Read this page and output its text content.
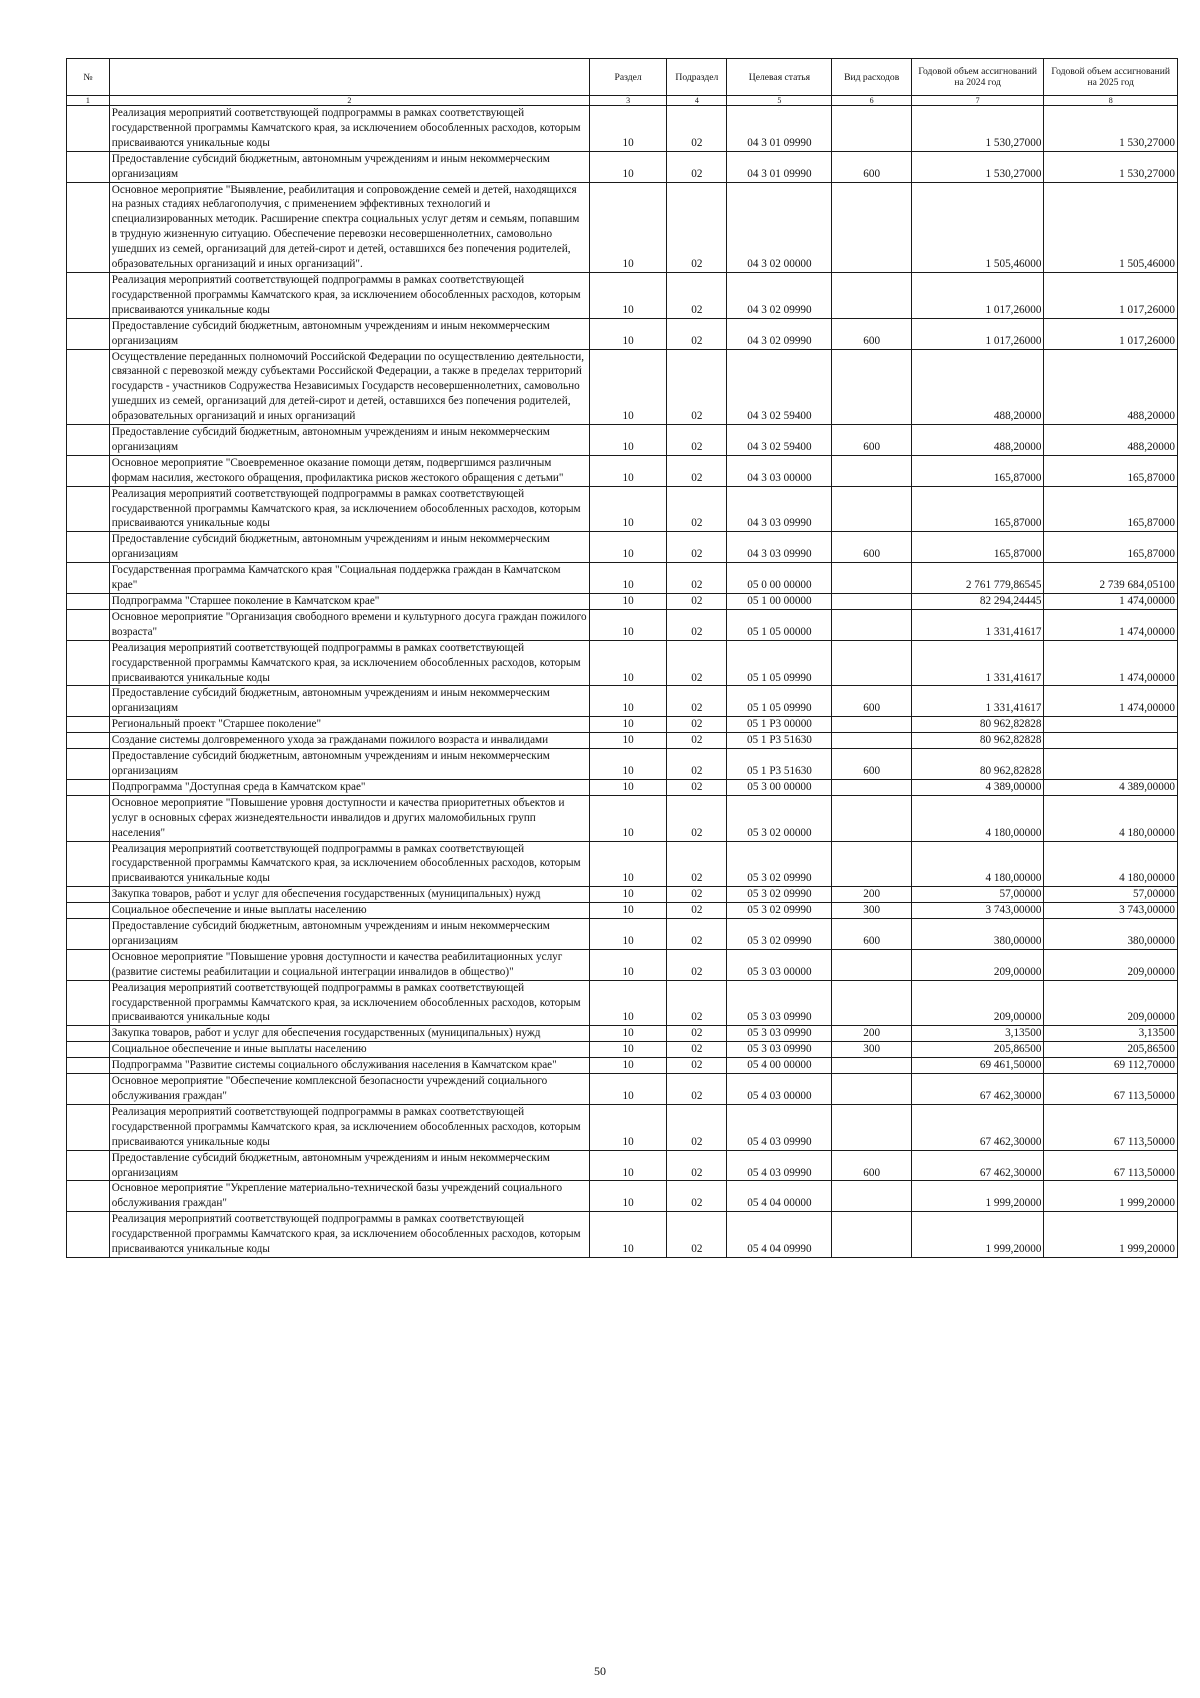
№		Раздел	Подраздел	Целевая статья	Вид расходов	Годовой объем ассигнований на 2024 год	Годовой объем ассигнований на 2025 год
1	2	3	4	5	6	7	8
	Реализация мероприятий соответствующей подпрограммы в рамках соответствующей государственной программы Камчатского края, за исключением обособленных расходов, которым присваиваются уникальные коды	10	02	04 3 01 09990		1 530,27000	1 530,27000
	Предоставление субсидий бюджетным, автономным учреждениям и иным некоммерческим организациям	10	02	04 3 01 09990	600	1 530,27000	1 530,27000
	Основное мероприятие "Выявление, реабилитация и сопровождение семей и детей, находящихся на разных стадиях неблагополучия, с применением эффективных технологий и специализированных методик. Расширение спектра социальных услуг детям и семьям, попавшим в трудную жизненную ситуацию. Обеспечение перевозки несовершеннолетних, самовольно ушедших из семей, организаций для детей-сирот и детей, оставшихся без попечения родителей, образовательных организаций и иных организаций".	10	02	04 3 02 00000		1 505,46000	1 505,46000
	Реализация мероприятий соответствующей подпрограммы в рамках соответствующей государственной программы Камчатского края, за исключением обособленных расходов, которым присваиваются уникальные коды	10	02	04 3 02 09990		1 017,26000	1 017,26000
	Предоставление субсидий бюджетным, автономным учреждениям и иным некоммерческим организациям	10	02	04 3 02 09990	600	1 017,26000	1 017,26000
	Осуществление переданных полномочий Российской Федерации по осуществлению деятельности, связанной с перевозкой между субъектами Российской Федерации, а также в пределах территорий государств - участников Содружества Независимых Государств несовершеннолетних, самовольно ушедших из семей, организаций для детей-сирот и детей, оставшихся без попечения родителей, образовательных организаций и иных организаций	10	02	04 3 02 59400		488,20000	488,20000
	Предоставление субсидий бюджетным, автономным учреждениям и иным некоммерческим организациям	10	02	04 3 02 59400	600	488,20000	488,20000
	Основное мероприятие "Своевременное оказание помощи детям, подвергшимся различным формам насилия, жестокого обращения, профилактика рисков жестокого обращения с детьми"	10	02	04 3 03 00000		165,87000	165,87000
	Реализация мероприятий соответствующей подпрограммы в рамках соответствующей государственной программы Камчатского края, за исключением обособленных расходов, которым присваиваются уникальные коды	10	02	04 3 03 09990		165,87000	165,87000
	Предоставление субсидий бюджетным, автономным учреждениям и иным некоммерческим организациям	10	02	04 3 03 09990	600	165,87000	165,87000
	Государственная программа Камчатского края "Социальная поддержка граждан в Камчатском крае"	10	02	05 0 00 00000		2 761 779,86545	2 739 684,05100
	Подпрограмма "Старшее поколение в Камчатском крае"	10	02	05 1 00 00000		82 294,24445	1 474,00000
	Основное мероприятие "Организация свободного времени и культурного досуга граждан пожилого возраста"	10	02	05 1 05 00000		1 331,41617	1 474,00000
	Реализация мероприятий соответствующей подпрограммы в рамках соответствующей государственной программы Камчатского края, за исключением обособленных расходов, которым присваиваются уникальные коды	10	02	05 1 05 09990		1 331,41617	1 474,00000
	Предоставление субсидий бюджетным, автономным учреждениям и иным некоммерческим организациям	10	02	05 1 05 09990	600	1 331,41617	1 474,00000
	Региональный проект "Старшее поколение"	10	02	05 1 P3 00000		80 962,82828	
	Создание системы долговременного ухода за гражданами пожилого возраста и инвалидами	10	02	05 1 P3 51630		80 962,82828	
	Предоставление субсидий бюджетным, автономным учреждениям и иным некоммерческим организациям	10	02	05 1 P3 51630	600	80 962,82828	
	Подпрограмма "Доступная среда в Камчатском крае"	10	02	05 3 00 00000		4 389,00000	4 389,00000
	Основное мероприятие "Повышение уровня доступности и качества приоритетных объектов и услуг в основных сферах жизнедеятельности инвалидов и других маломобильных групп населения"	10	02	05 3 02 00000		4 180,00000	4 180,00000
	Реализация мероприятий соответствующей подпрограммы в рамках соответствующей государственной программы Камчатского края, за исключением обособленных расходов, которым присваиваются уникальные коды	10	02	05 3 02 09990		4 180,00000	4 180,00000
	Закупка товаров, работ и услуг для обеспечения государственных (муниципальных) нужд	10	02	05 3 02 09990	200	57,00000	57,00000
	Социальное обеспечение и иные выплаты населению	10	02	05 3 02 09990	300	3 743,00000	3 743,00000
	Предоставление субсидий бюджетным, автономным учреждениям и иным некоммерческим организациям	10	02	05 3 02 09990	600	380,00000	380,00000
	Основное мероприятие "Повышение уровня доступности и качества реабилитационных услуг (развитие системы реабилитации и социальной интеграции инвалидов в общество)"	10	02	05 3 03 00000		209,00000	209,00000
	Реализация мероприятий соответствующей подпрограммы в рамках соответствующей государственной программы Камчатского края, за исключением обособленных расходов, которым присваиваются уникальные коды	10	02	05 3 03 09990		209,00000	209,00000
	Закупка товаров, работ и услуг для обеспечения государственных (муниципальных) нужд	10	02	05 3 03 09990	200	3,13500	3,13500
	Социальное обеспечение и иные выплаты населению	10	02	05 3 03 09990	300	205,86500	205,86500
	Подпрограмма "Развитие системы социального обслуживания населения в Камчатском крае"	10	02	05 4 00 00000		69 461,50000	69 112,70000
	Основное мероприятие "Обеспечение комплексной безопасности учреждений социального обслуживания граждан"	10	02	05 4 03 00000		67 462,30000	67 113,50000
	Реализация мероприятий соответствующей подпрограммы в рамках соответствующей государственной программы Камчатского края, за исключением обособленных расходов, которым присваиваются уникальные коды	10	02	05 4 03 09990		67 462,30000	67 113,50000
	Предоставление субсидий бюджетным, автономным учреждениям и иным некоммерческим организациям	10	02	05 4 03 09990	600	67 462,30000	67 113,50000
	Основное мероприятие "Укрепление материально-технической базы учреждений социального обслуживания граждан"	10	02	05 4 04 00000		1 999,20000	1 999,20000
	Реализация мероприятий соответствующей подпрограммы в рамках соответствующей государственной программы Камчатского края, за исключением обособленных расходов, которым присваиваются уникальные коды	10	02	05 4 04 09990		1 999,20000	1 999,20000
50
